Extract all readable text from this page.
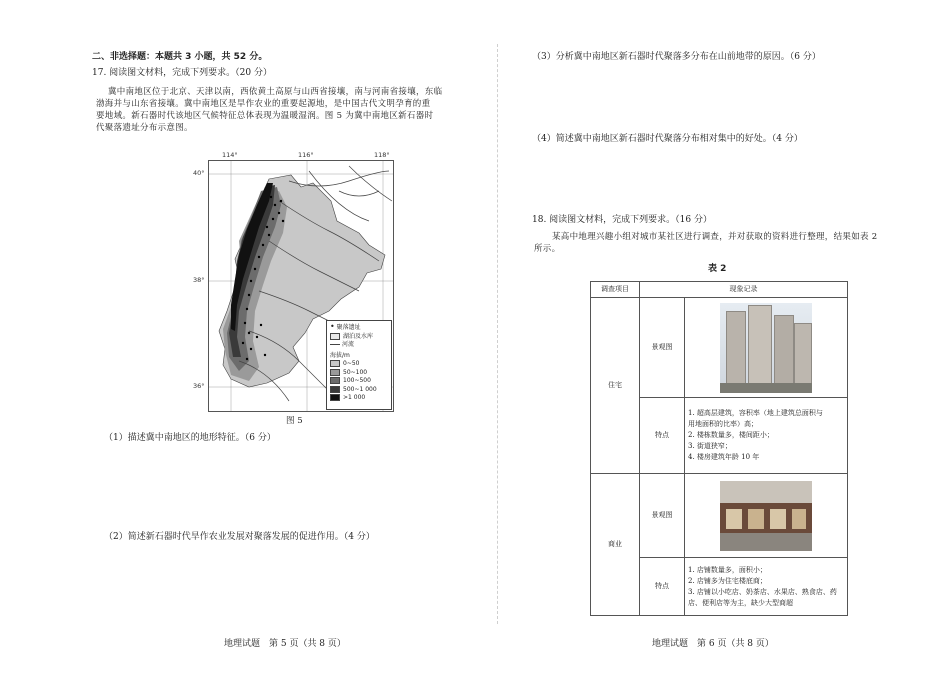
二、非选择题：本题共 3 小题，共 52 分。
17. 阅读图文材料，完成下列要求。（20 分）
冀中南地区位于北京、天津以南，西依黄土高原与山西省接壤，南与河南省接壤，东临
渤海并与山东省接壤。冀中南地区是旱作农业的重要起源地，是中国古代文明孕育的重
要地域。新石器时代该地区气候特征总体表现为温暖湿润。图 5 为冀中南地区新石器时
代聚落遗址分布示意图。
114°	116°	118°
40°
38°
36°
• 聚落遗址
湖泊及水库
河流
海拔/m
0~50
50~100
100~500
500~1 000
>1 000
图 5
（1）描述冀中南地区的地形特征。（6 分）
（2）简述新石器时代旱作农业发展对聚落发展的促进作用。（4 分）
地理试题　第 5 页（共 8 页）
（3）分析冀中南地区新石器时代聚落多分布在山前地带的原因。（6 分）
（4）简述冀中南地区新石器时代聚落分布相对集中的好处。（4 分）
18. 阅读图文材料，完成下列要求。（16 分）
某高中地理兴趣小组对城市某社区进行调查，并对获取的资料进行整理，结果如表 2
所示。
表 2
调查项目	现象记录	
住宅	景观图	

	特点	1. 超高层建筑，容积率（地上建筑总面积与
用地面积的比率）高；
2. 楼栋数量多，楼间距小；
3. 街道狭窄；
4. 楼房建筑年龄 10 年

商业	景观图	

	特点	1. 店铺数量多，面积小；
2. 店铺多为住宅楼底商；
3. 店铺以小吃店、奶茶店、水果店、熟食店、药
店、便利店等为主，缺少大型商超
地理试题　第 6 页（共 8 页）
